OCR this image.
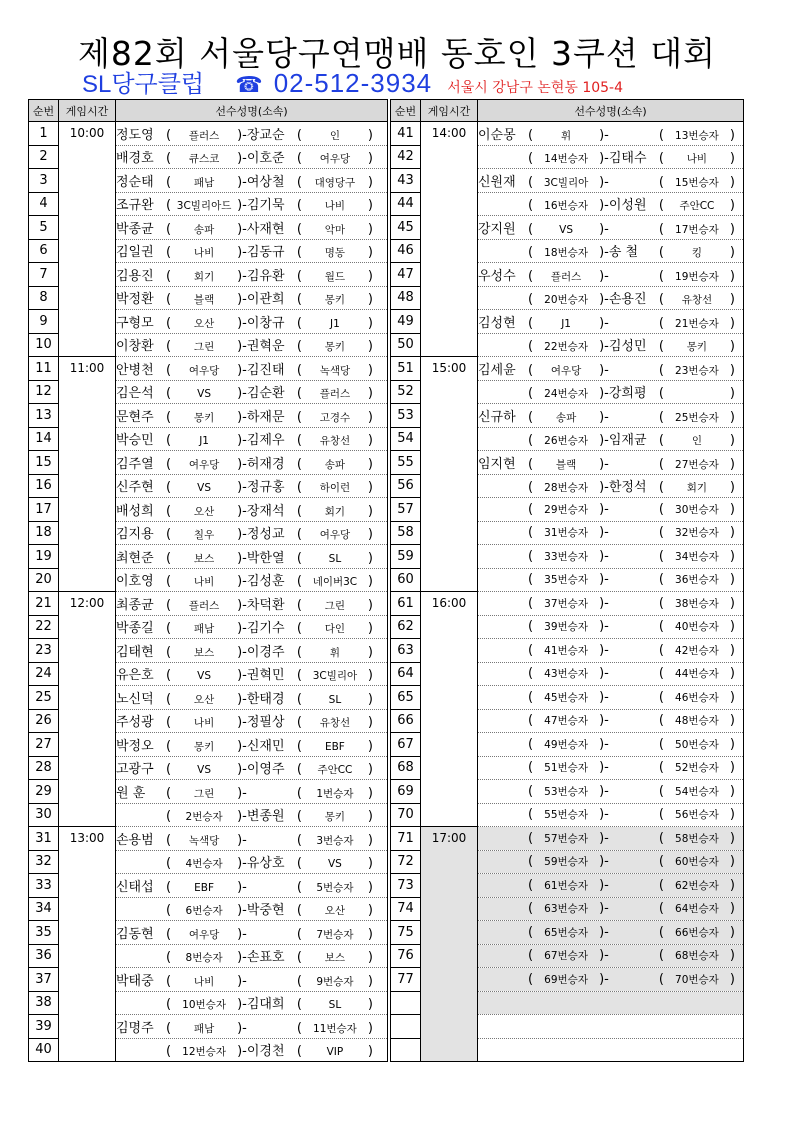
제82회 서울당구연맹배 동호인 3쿠션 대회
SL당구클럽 ☎ 02-512-3934 서울시 강남구 논현동 105-4
순번	게임시간	선수성명(소속)
1	10:00	정도영 ( 플러스 )-장교순 ( 인 )
2		배경호 ( 큐스코 )-이호준 ( 여우당 )
3		정순태 ( 패남 )-여상철 ( 대영당구 )
4		조규완 ( 3C빌리아드 )-김기묵 ( 나비 )
5		박종균 ( 송파 )-사재현 ( 악마 )
6		김일권 ( 나비 )-김동규 ( 명동 )
7		김용진 ( 회기 )-김유환 ( 월드 )
8		박정환 ( 블랙 )-이관희 ( 몽키 )
9		구형모 ( 오산 )-이창규 ( J1 )
10		이창환 ( 그린 )-권혁운 ( 몽키 )
11	11:00	안병천 ( 여우당 )-김진태 ( 녹색당 )
12		김은석 ( VS )-김순환 ( 플러스 )
13		문현주 ( 몽키 )-하재문 ( 고경수 )
14		박승민 ( J1 )-김제우 ( 유창선 )
15		김주열 ( 여우당 )-허재경 ( 송파 )
16		신주현 ( VS )-정규홍 ( 하이런 )
17		배성희 ( 오산 )-장재석 ( 회기 )
18		김지용 ( 칠우 )-정성교 ( 여우당 )
19		최현준 ( 보스 )-박한열 ( SL )
20		이호영 ( 나비 )-김성훈 ( 네이버3C )
21	12:00	최종균 ( 플러스 )-차덕환 ( 그린 )
22		박종길 ( 패남 )-김기수 ( 다인 )
23		김태현 ( 보스 )-이경주 ( 휘 )
24		유은호 ( VS )-권혁민 ( 3C빌리아 )
25		노신덕 ( 오산 )-한태경 ( SL )
26		주성광 ( 나비 )-정필상 ( 유창선 )
27		박정오 ( 몽키 )-신재민 ( EBF )
28		고광구 ( VS )-이영주 ( 주안CC )
29		원 훈 ( 그린 )- ( 1번승자 )
30		( 2번승자 )-변종원 ( 몽키 )
31	13:00	손용범 ( 녹색당 )- ( 3번승자 )
32		( 4번승자 )-유상호 ( VS )
33		신태섭 ( EBF )- ( 5번승자 )
34		( 6번승자 )-박중현 ( 오산 )
35		김동현 ( 여우당 )- ( 7번승자 )
36		( 8번승자 )-손표호 ( 보스 )
37		박태중 ( 나비 )- ( 9번승자 )
38		( 10번승자 )-김대희 ( SL )
39		김명주 ( 패남 )- ( 11번승자 )
40		( 12번승자 )-이경천 ( VIP )
순번	게임시간	선수성명(소속)
41	14:00	이순몽 ( 휘 )- ( 13번승자 )
42		( 14번승자 )-김태수 ( 나비 )
43		신원재 ( 3C빌리아 )- ( 15번승자 )
44		( 16번승자 )-이성원 ( 주안CC )
45		강지원 ( VS )- ( 17번승자 )
46		( 18번승자 )-송 철 ( 킹 )
47		우성수 ( 플러스 )- ( 19번승자 )
48		( 20번승자 )-손용진 ( 유창선 )
49		김성현 ( J1 )- ( 21번승자 )
50		( 22번승자 )-김성민 ( 몽키 )
51	15:00	김세윤 ( 여우당 )- ( 23번승자 )
52		( 24번승자 )-강희평 ( )
53		신규하 ( 송파 )- ( 25번승자 )
54		( 26번승자 )-임재균 ( 인 )
55		임지현 ( 블랙 )- ( 27번승자 )
56		( 28번승자 )-한정석 ( 회기 )
57		( 29번승자 )- ( 30번승자 )
58		( 31번승자 )- ( 32번승자 )
59		( 33번승자 )- ( 34번승자 )
60		( 35번승자 )- ( 36번승자 )
61	16:00	( 37번승자 )- ( 38번승자 )
62		( 39번승자 )- ( 40번승자 )
63		( 41번승자 )- ( 42번승자 )
64		( 43번승자 )- ( 44번승자 )
65		( 45번승자 )- ( 46번승자 )
66		( 47번승자 )- ( 48번승자 )
67		( 49번승자 )- ( 50번승자 )
68		( 51번승자 )- ( 52번승자 )
69		( 53번승자 )- ( 54번승자 )
70		( 55번승자 )- ( 56번승자 )
71	17:00	( 57번승자 )- ( 58번승자 )
72		( 59번승자 )- ( 60번승자 )
73		( 61번승자 )- ( 62번승자 )
74		( 63번승자 )- ( 64번승자 )
75		( 65번승자 )- ( 66번승자 )
76		( 67번승자 )- ( 68번승자 )
77		( 69번승자 )- ( 70번승자 )
